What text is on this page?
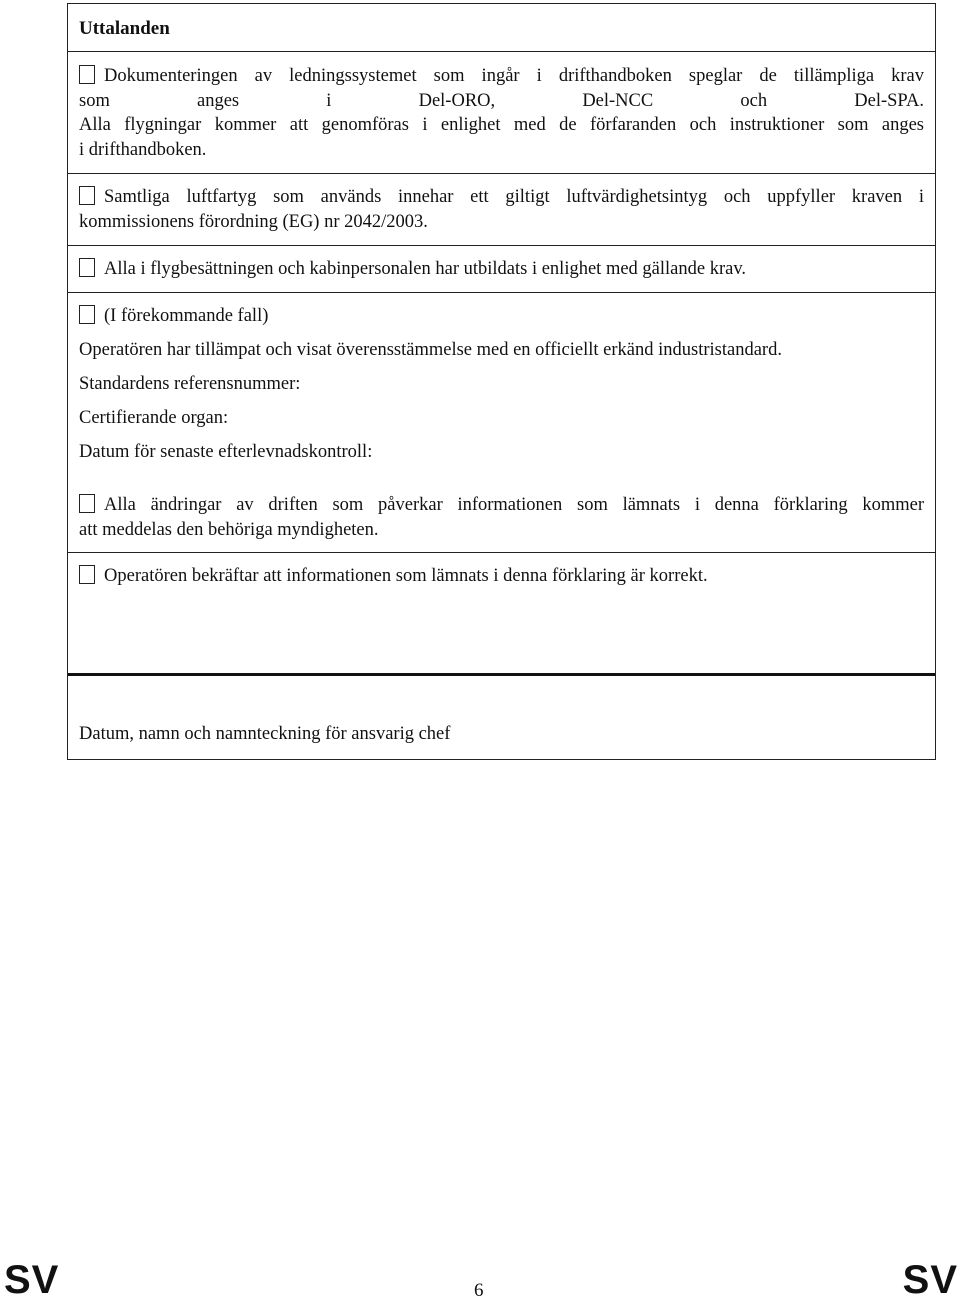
Uttalanden
Dokumenteringen av ledningssystemet som ingår i drifthandboken speglar de tillämpliga krav
som anges i Del-ORO, Del-NCC och Del-SPA.
Alla flygningar kommer att genomföras i enlighet med de förfaranden och instruktioner som anges
i drifthandboken.
Samtliga luftfartyg som används innehar ett giltigt luftvärdighetsintyg och uppfyller kraven i
kommissionens förordning (EG) nr 2042/2003.
Alla i flygbesättningen och kabinpersonalen har utbildats i enlighet med gällande krav.
(I förekommande fall)
Operatören har tillämpat och visat överensstämmelse med en officiellt erkänd industristandard.
Standardens referensnummer:
Certifierande organ:
Datum för senaste efterlevnadskontroll:
Alla ändringar av driften som påverkar informationen som lämnats i denna förklaring kommer
att meddelas den behöriga myndigheten.
Operatören bekräftar att informationen som lämnats i denna förklaring är korrekt.
Datum, namn och namnteckning för ansvarig chef
SV	6	SV
